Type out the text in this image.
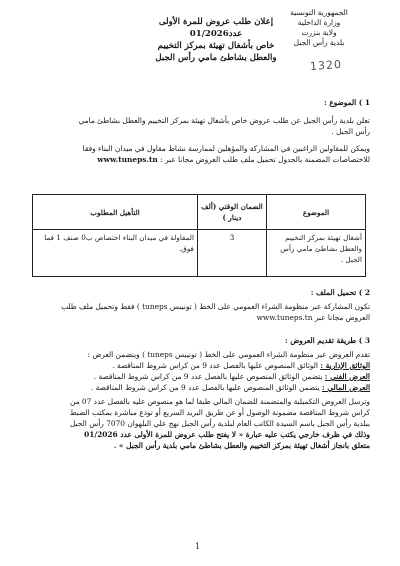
الجمهورية التونسية
وزارة الداخلية
ولاية بنزرت
بلدية رأس الجبل
1320
إعلان طلب عروض للمرة الأولى
عدد01/2026
خاص بأشغال تهيئة بمركز التخييم
والعطل بشاطئ مامي رأس الجبل

1 ) الموضوع :

تعلن بلدية رأس الجبل عن طلب عروض خاص بأشغال تهيئة بمركز التخييم والعطل بشاطئ مامي

رأس الجبل .

ويمكن للمقاولين الراغبين في المشاركة والمؤهلين لممارسة نشاط مقاول في ميدان البناء وفقا

للاختصاصات المضمنة بالجدول تحميل ملف طلب العروض مجانا عبر : www.tuneps.tn

الموضوع	الضمان الوقتي (ألف دينار )	التأهيل المطلوب
أشغال تهيئة بمركز التخييم والعطل بشاطئ مامي رأس الجبل .	3	المقاولة في ميدان البناء اختصاص ب0 صنف 1 فما فوق.

2 ) تحميل الملف :

تكون المشاركة عبر منظومة الشراء العمومي على الخط ( تونيبس tuneps ) فقط وتحميل ملف طلب

العروض مجانا عبر www.tuneps.tn

3 ) طريقة تقديم العروض :

تقدم العروض عبر منظومة الشراء العمومي على الخط ( تونيبس tuneps ) ويتضمن العرض :

الوثائق الإدارية : الوثائق المنصوص عليها بالفصل عدد 9 من كراس شروط المناقصة .

العرض الفني : يتضمن الوثائق المنصوص عليها بالفصل عدد 9 من كراس شروط المناقصة .

العرض المالي : يتضمن الوثائق المنصوص عليها بالفصل عدد 9 من كراس شروط المناقصة .

وترسل العروض التكميلية والمتضمنة للضمان المالي طبقا لما هو منصوص عليه بالفصل عدد 07 من

كراس شروط المناقصة مضمونة الوصول أو عن طريق البريد السريع أو تودع مباشرة بمكتب الضبط

ببلدية رأس الجبل باسم السيدة الكاتب العام لبلدية رأس الجبل نهج علي البلهوان 7070 رأس الجبل

وذلك في ظرف خارجي يكتب عليه عبارة « لا يفتح طلب عروض للمرة الأولى عدد 01/2026

متعلق بانجاز أشغال تهيئة بمركز التخييم والعطل بشاطئ مامي بلدية رأس الجبل » .

1
